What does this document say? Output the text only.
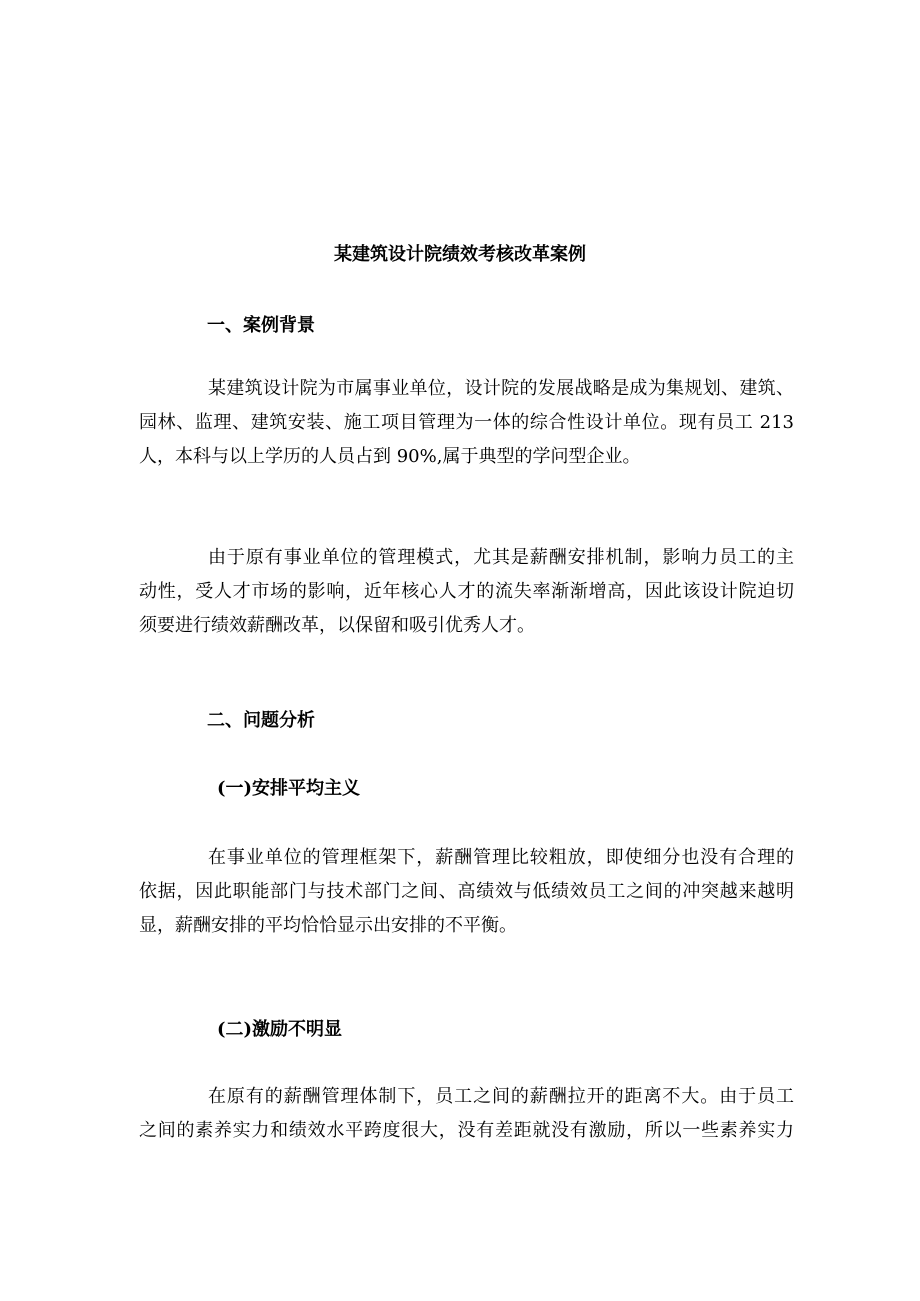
某建筑设计院绩效考核改革案例
一、案例背景

某建筑设计院为市属事业单位，设计院的发展战略是成为集规划、建筑、
园林、监理、建筑安装、施工项目管理为一体的综合性设计单位。现有员工 213
人，本科与以上学历的人员占到 90%,属于典型的学问型企业。

由于原有事业单位的管理模式，尤其是薪酬安排机制，影响力员工的主
动性，受人才市场的影响，近年核心人才的流失率渐渐增高，因此该设计院迫切
须要进行绩效薪酬改革，以保留和吸引优秀人才。

二、问题分析
(一)安排平均主义

在事业单位的管理框架下，薪酬管理比较粗放，即使细分也没有合理的
依据，因此职能部门与技术部门之间、高绩效与低绩效员工之间的冲突越来越明
显，薪酬安排的平均恰恰显示出安排的不平衡。

(二)激励不明显

在原有的薪酬管理体制下，员工之间的薪酬拉开的距离不大。由于员工
之间的素养实力和绩效水平跨度很大，没有差距就没有激励，所以一些素养实力
